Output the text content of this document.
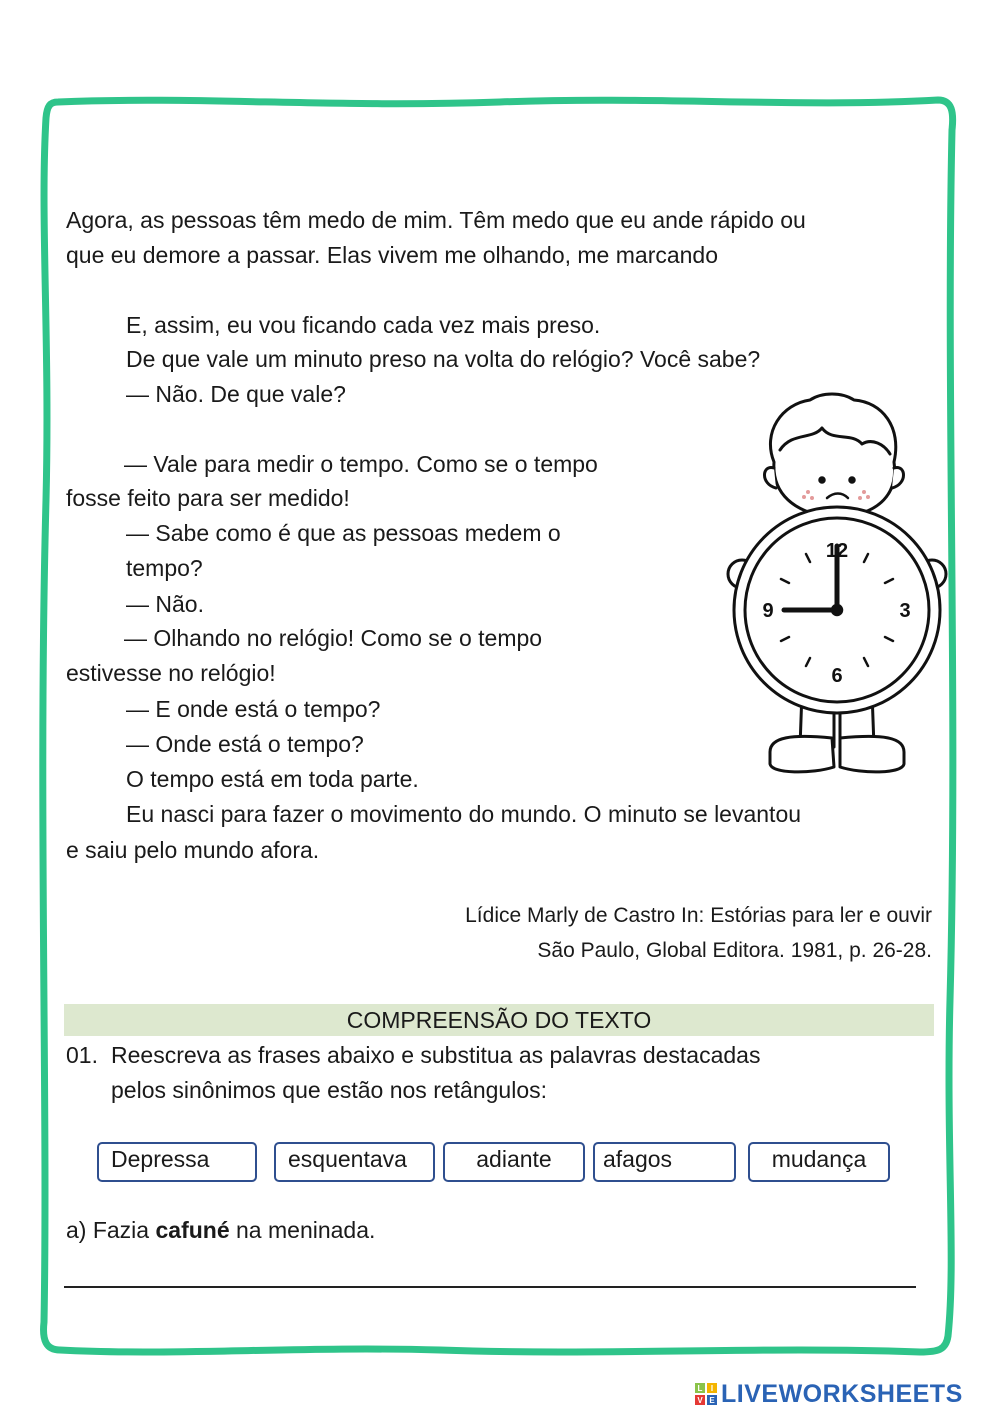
Agora, as pessoas têm medo de mim. Têm medo que eu ande rápido ou
que eu demore a passar. Elas vivem me olhando, me marcando
E, assim, eu vou ficando cada vez mais preso.
De que vale um minuto preso na volta do relógio? Você sabe?
— Não. De que vale?
— Vale para medir o tempo. Como se o tempo
fosse feito para ser medido!
— Sabe como é que as pessoas medem o
tempo?
— Não.
— Olhando no relógio! Como se o tempo
estivesse no relógio!
— E onde está o tempo?
— Onde está o tempo?
O tempo está em toda parte.
Eu nasci para fazer o movimento do mundo. O minuto se levantou
e saiu pelo mundo afora.
Lídice Marly de Castro In: Estórias para ler e ouvir
São Paulo, Global Editora. 1981, p. 26-28.
12
3
6
9
COMPREENSÃO DO TEXTO
01. Reescreva as frases abaixo e substitua as palavras destacadas
pelos sinônimos que estão nos retângulos:
Depressa	esquentava	adiante	afagos	mudança
a) Fazia cafuné na meninada.
L I
V E LIVEWORKSHEETS
